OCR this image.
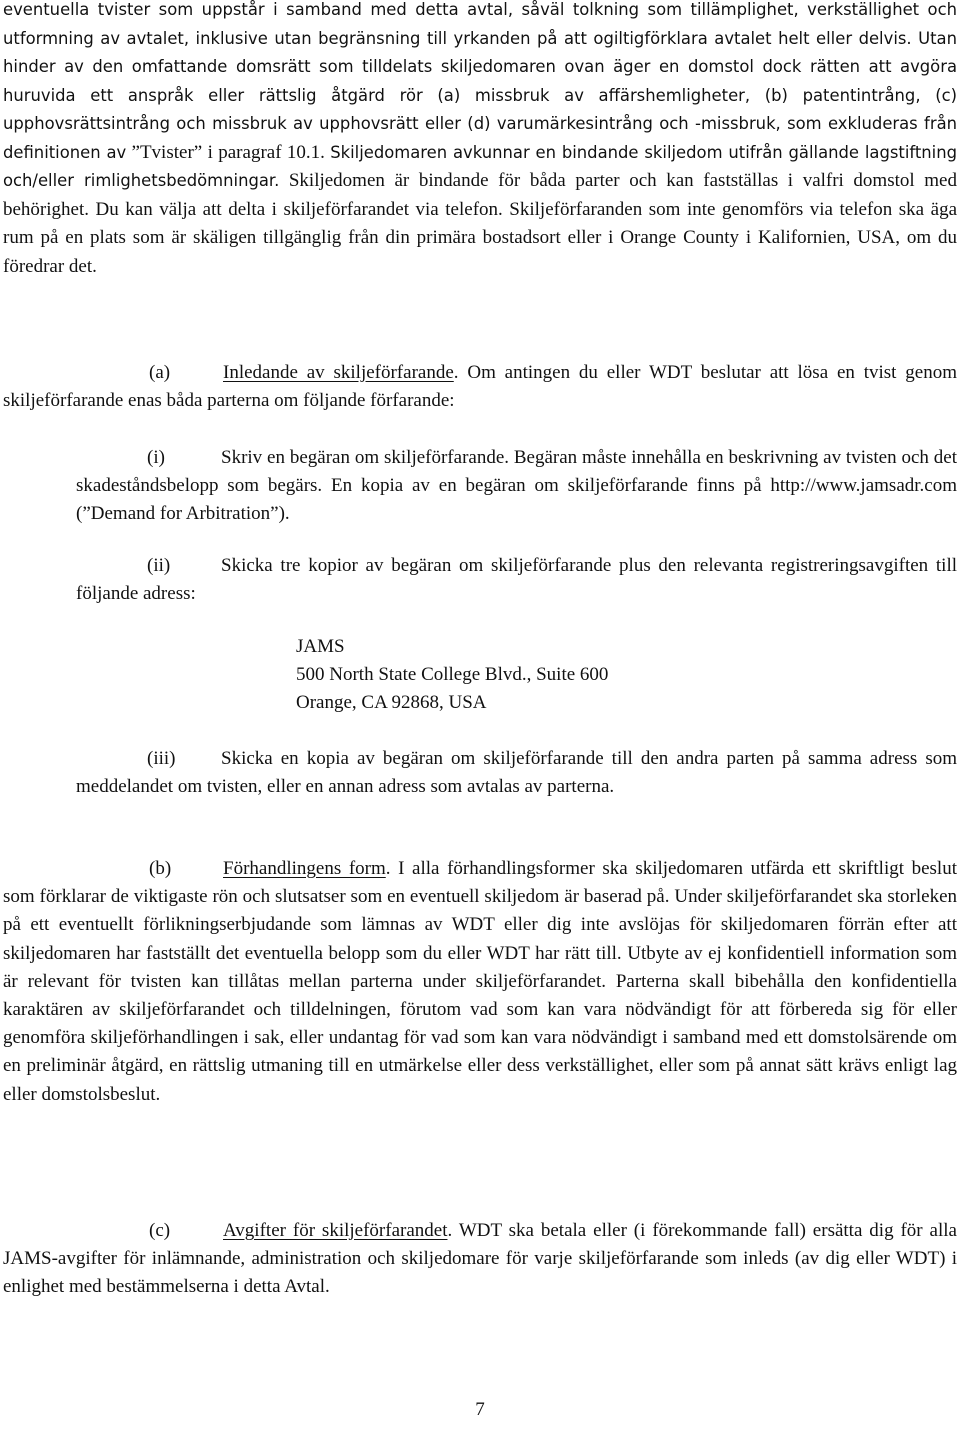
eventuella tvister som uppstår i samband med detta avtal, såväl tolkning som tillämplighet, verkställighet och utformning av avtalet, inklusive utan begränsning till yrkanden på att ogiltigförklara avtalet helt eller delvis. Utan hinder av den omfattande domsrätt som tilldelats skiljedomaren ovan äger en domstol dock rätten att avgöra huruvida ett anspråk eller rättslig åtgärd rör (a) missbruk av affärshemligheter, (b) patentintrång, (c) upphovsrättsintrång och missbruk av upphovsrätt eller (d) varumärkesintrång och -missbruk, som exkluderas från definitionen av ”Tvister” i paragraf 10.1. Skiljedomaren avkunnar en bindande skiljedom utifrån gällande lagstiftning och/eller rimlighetsbedömningar. Skiljedomen är bindande för båda parter och kan fastställas i valfri domstol med behörighet. Du kan välja att delta i skiljeförfarandet via telefon. Skiljeförfaranden som inte genomförs via telefon ska äga rum på en plats som är skäligen tillgänglig från din primära bostadsort eller i Orange County i Kalifornien, USA, om du föredrar det.

(a)	Inledande av skiljeförfarande. Om antingen du eller WDT beslutar att lösa en tvist genom skiljeförfarande enas båda parterna om följande förfarande:

(i)	Skriv en begäran om skiljeförfarande. Begäran måste innehålla en beskrivning av tvisten och det skadeståndsbelopp som begärs. En kopia av en begäran om skiljeförfarande finns på http://www.jamsadr.com (”Demand for Arbitration”).

(ii)	Skicka tre kopior av begäran om skiljeförfarande plus den relevanta registreringsavgiften till följande adress:

JAMS
500 North State College Blvd., Suite 600
Orange, CA 92868, USA

(iii) Skicka en kopia av begäran om skiljeförfarande till den andra parten på samma adress som meddelandet om tvisten, eller en annan adress som avtalas av parterna.

(b)	Förhandlingens form. I alla förhandlingsformer ska skiljedomaren utfärda ett skriftligt beslut som förklarar de viktigaste rön och slutsatser som en eventuell skiljedom är baserad på. Under skiljeförfarandet ska storleken på ett eventuellt förlikningserbjudande som lämnas av WDT eller dig inte avslöjas för skiljedomaren förrän efter att skiljedomaren har fastställt det eventuella belopp som du eller WDT har rätt till. Utbyte av ej konfidentiell information som är relevant för tvisten kan tillåtas mellan parterna under skiljeförfarandet. Parterna skall bibehålla den konfidentiella karaktären av skiljeförfarandet och tilldelningen, förutom vad som kan vara nödvändigt för att förbereda sig för eller genomföra skiljeförhandlingen i sak, eller undantag för vad som kan vara nödvändigt i samband med ett domstolsärende om en preliminär åtgärd, en rättslig utmaning till en utmärkelse eller dess verkställighet, eller som på annat sätt krävs enligt lag eller domstolsbeslut.

(c)	Avgifter för skiljeförfarandet. WDT ska betala eller (i förekommande fall) ersätta dig för alla JAMS-avgifter för inlämnande, administration och skiljedomare för varje skiljeförfarande som inleds (av dig eller WDT) i enlighet med bestämmelserna i detta Avtal.

7
